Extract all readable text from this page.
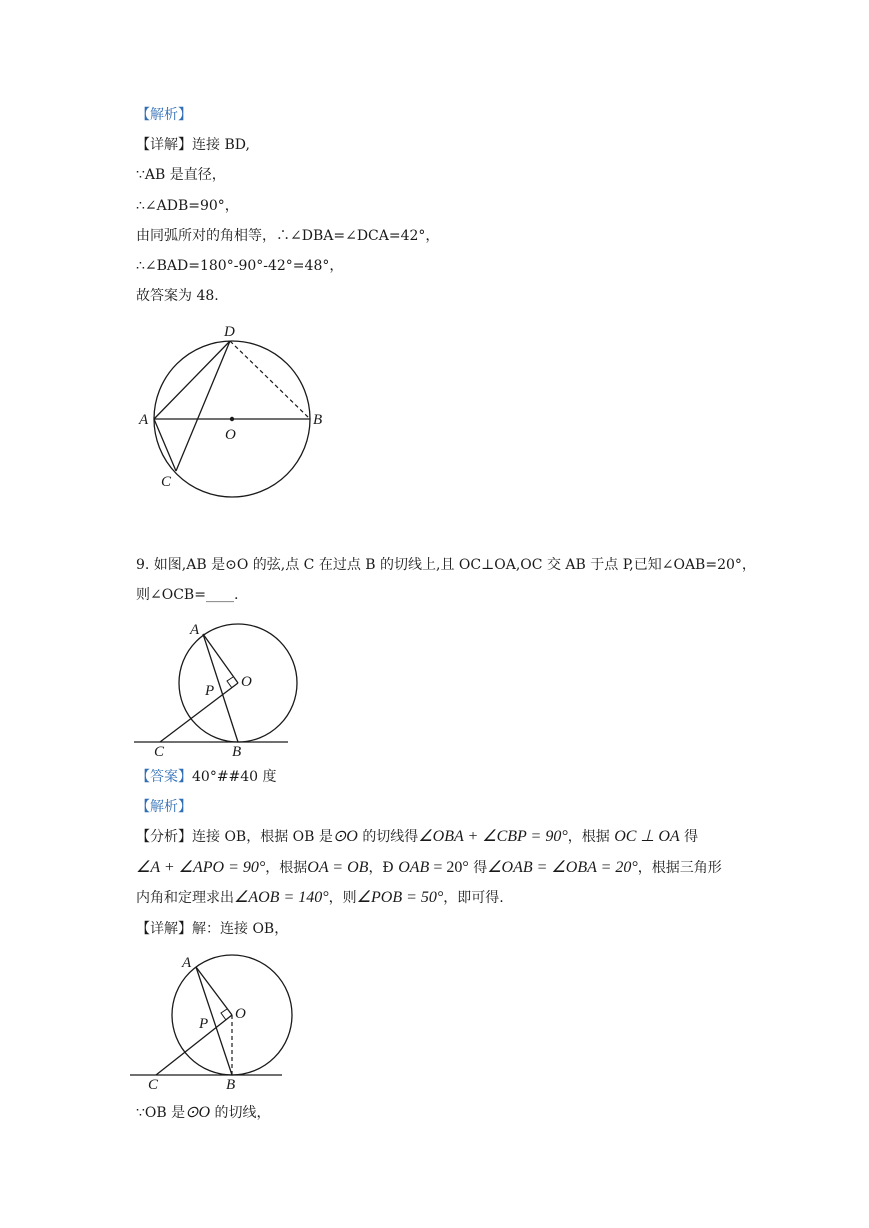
【解析】
【详解】连接 BD,
∵AB 是直径，
∴∠ADB=90°，
由同弧所对的角相等，∴∠DBA=∠DCA=42°，
∴∠BAD=180°-90°-42°=48°，
故答案为 48.
D
A	B
O
C
9. 如图,AB 是⊙O 的弦,点 C 在过点 B 的切线上,且 OC⊥OA,OC 交 AB 于点 P,已知∠OAB=20°，
则∠OCB=____.
A
O
P
C	B
【答案】40°##40 度
【解析】
【分析】连接 OB，根据 OB 是⊙O 的切线得∠OBA + ∠CBP = 90°，根据 OC ⊥ OA 得
∠A + ∠APO = 90°，根据OA = OB，Ð OAB = 20° 得∠OAB = ∠OBA = 20°，根据三角形
内角和定理求出∠AOB = 140°，则∠POB = 50°，即可得.
【详解】解：连接 OB，
A
O
P
C	B
∵OB 是⊙O 的切线，
